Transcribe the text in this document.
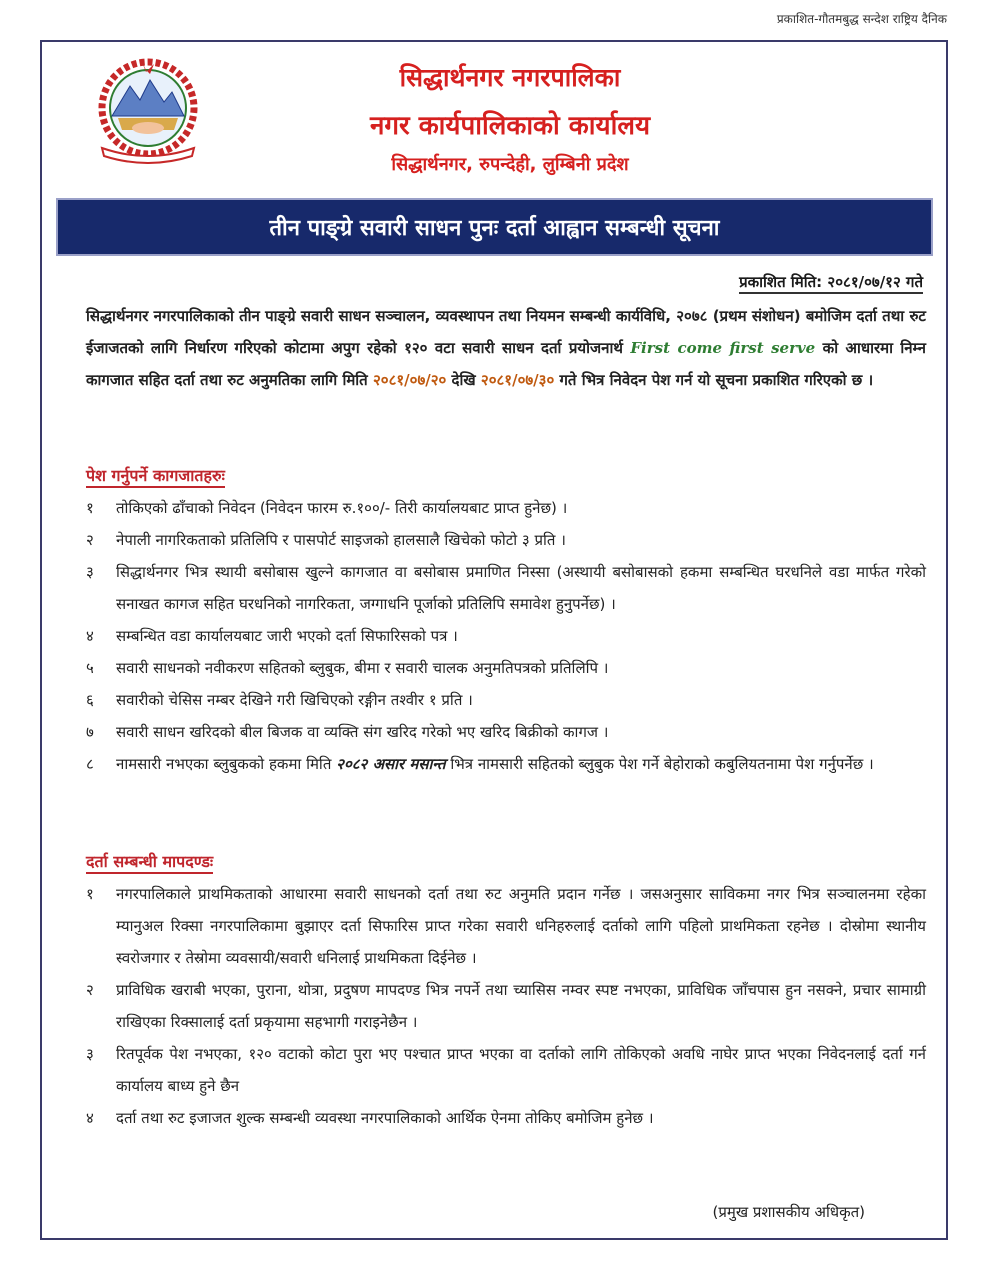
प्रकाशित-गौतमबुद्ध सन्देश राष्ट्रिय दैनिक
सिद्धार्थनगर नगरपालिका
नगर कार्यपालिकाको कार्यालय
सिद्धार्थनगर, रुपन्देही, लुम्बिनी प्रदेश
तीन पाङ्ग्रे सवारी साधन पुनः दर्ता आह्वान सम्बन्धी सूचना
प्रकाशित मिति: २०८१/०७/१२ गते
सिद्धार्थनगर नगरपालिकाको तीन पाङ्ग्रे सवारी साधन सञ्चालन, व्यवस्थापन तथा नियमन सम्बन्धी कार्यविधि, २०७८ (प्रथम संशोधन) बमोजिम दर्ता तथा रुट ईजाजतको लागि निर्धारण गरिएको कोटामा अपुग रहेको १२० वटा सवारी साधन दर्ता प्रयोजनार्थ First come first serve को आधारमा निम्न कागजात सहित दर्ता तथा रुट अनुमतिका लागि मिति २०८१/०७/२० देखि २०८१/०७/३० गते भित्र निवेदन पेश गर्न यो सूचना प्रकाशित गरिएको छ ।
पेश गर्नुपर्ने कागजातहरुः
१	तोकिएको ढाँचाको निवेदन (निवेदन फारम रु.१००/- तिरी कार्यालयबाट प्राप्त हुनेछ) ।
२	नेपाली नागरिकताको प्रतिलिपि र पासपोर्ट साइजको हालसालै खिचेको फोटो ३ प्रति ।
३	सिद्धार्थनगर भित्र स्थायी बसोबास खुल्ने कागजात वा बसोबास प्रमाणित निस्सा (अस्थायी बसोबासको हकमा सम्बन्धित घरधनिले वडा मार्फत गरेको सनाखत कागज सहित घरधनिको नागरिकता, जग्गाधनि पूर्जाको प्रतिलिपि समावेश हुनुपर्नेछ) ।
४	सम्बन्धित वडा कार्यालयबाट जारी भएको दर्ता सिफारिसको पत्र ।
५	सवारी साधनको नवीकरण सहितको ब्लुबुक, बीमा र सवारी चालक अनुमतिपत्रको प्रतिलिपि ।
६	सवारीको चेसिस नम्बर देखिने गरी खिचिएको रङ्गीन तश्वीर १ प्रति ।
७	सवारी साधन खरिदको बील बिजक वा व्यक्ति संग खरिद गरेको भए खरिद बिक्रीको कागज ।
८	नामसारी नभएका ब्लुबुकको हकमा मिति २०८२ असार मसान्त भित्र नामसारी सहितको ब्लुबुक पेश गर्ने बेहोराको कबुलियतनामा पेश गर्नुपर्नेछ ।
दर्ता सम्बन्धी मापदण्डः
१	नगरपालिकाले प्राथमिकताको आधारमा सवारी साधनको दर्ता तथा रुट अनुमति प्रदान गर्नेछ । जसअनुसार साविकमा नगर भित्र सञ्चालनमा रहेका म्यानुअल रिक्सा नगरपालिकामा बुझाएर दर्ता सिफारिस प्राप्त गरेका सवारी धनिहरुलाई दर्ताको लागि पहिलो प्राथमिकता रहनेछ । दोस्रोमा स्थानीय स्वरोजगार र तेस्रोमा व्यवसायी/सवारी धनिलाई प्राथमिकता दिईनेछ ।
२	प्राविधिक खराबी भएका, पुराना, थोत्रा, प्रदुषण मापदण्ड भित्र नपर्ने तथा च्यासिस नम्वर स्पष्ट नभएका, प्राविधिक जाँचपास हुन नसक्ने, प्रचार सामाग्री राखिएका रिक्सालाई दर्ता प्रकृयामा सहभागी गराइनेछैन ।
३	रितपूर्वक पेश नभएका, १२० वटाको कोटा पुरा भए पश्चात प्राप्त भएका वा दर्ताको लागि तोकिएको अवधि नाघेर प्राप्त भएका निवेदनलाई दर्ता गर्न कार्यालय बाध्य हुने छैन
४	दर्ता तथा रुट इजाजत शुल्क सम्बन्धी व्यवस्था नगरपालिकाको आर्थिक ऐनमा तोकिए बमोजिम हुनेछ ।
(प्रमुख प्रशासकीय अधिकृत)
